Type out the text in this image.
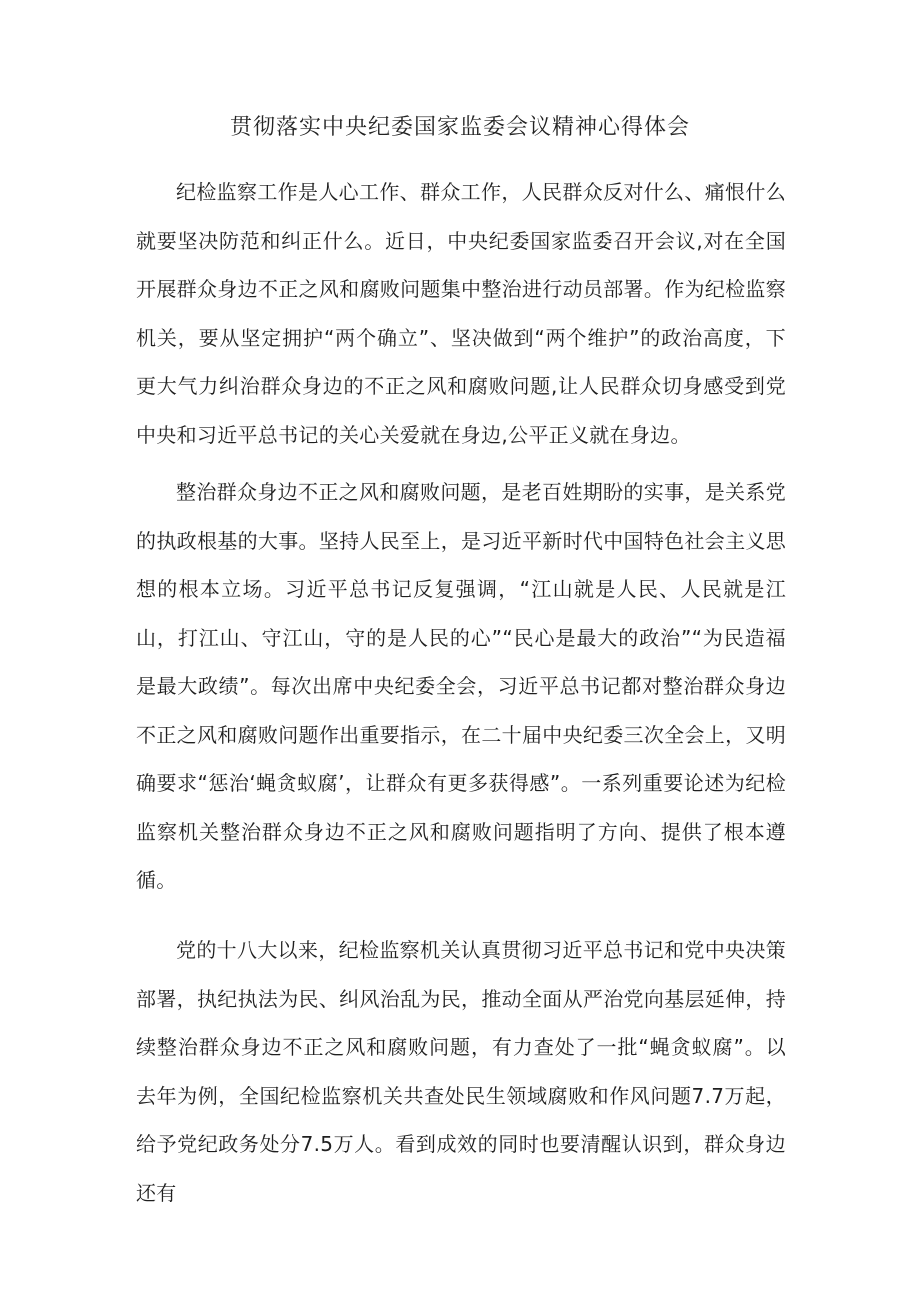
贯彻落实中央纪委国家监委会议精神心得体会

纪检监察工作是人心工作、群众工作，人民群众反对什么、痛恨什么就要坚决防范和纠正什么。近日，中央纪委国家监委召开会议,对在全国开展群众身边不正之风和腐败问题集中整治进行动员部署。作为纪检监察机关，要从坚定拥护“两个确立”、坚决做到“两个维护”的政治高度，下更大气力纠治群众身边的不正之风和腐败问题,让人民群众切身感受到党中央和习近平总书记的关心关爱就在身边,公平正义就在身边。

整治群众身边不正之风和腐败问题，是老百姓期盼的实事，是关系党的执政根基的大事。坚持人民至上，是习近平新时代中国特色社会主义思想的根本立场。习近平总书记反复强调，“江山就是人民、人民就是江山，打江山、守江山，守的是人民的心”“民心是最大的政治”“为民造福是最大政绩”。每次出席中央纪委全会，习近平总书记都对整治群众身边不正之风和腐败问题作出重要指示，在二十届中央纪委三次全会上，又明确要求“惩治‘蝇贪蚁腐’，让群众有更多获得感”。一系列重要论述为纪检监察机关整治群众身边不正之风和腐败问题指明了方向、提供了根本遵循。

党的十八大以来，纪检监察机关认真贯彻习近平总书记和党中央决策部署，执纪执法为民、纠风治乱为民，推动全面从严治党向基层延伸，持续整治群众身边不正之风和腐败问题，有力查处了一批“蝇贪蚁腐”。以去年为例，全国纪检监察机关共查处民生领域腐败和作风问题7.7万起，给予党纪政务处分7.5万人。看到成效的同时也要清醒认识到，群众身边还有
